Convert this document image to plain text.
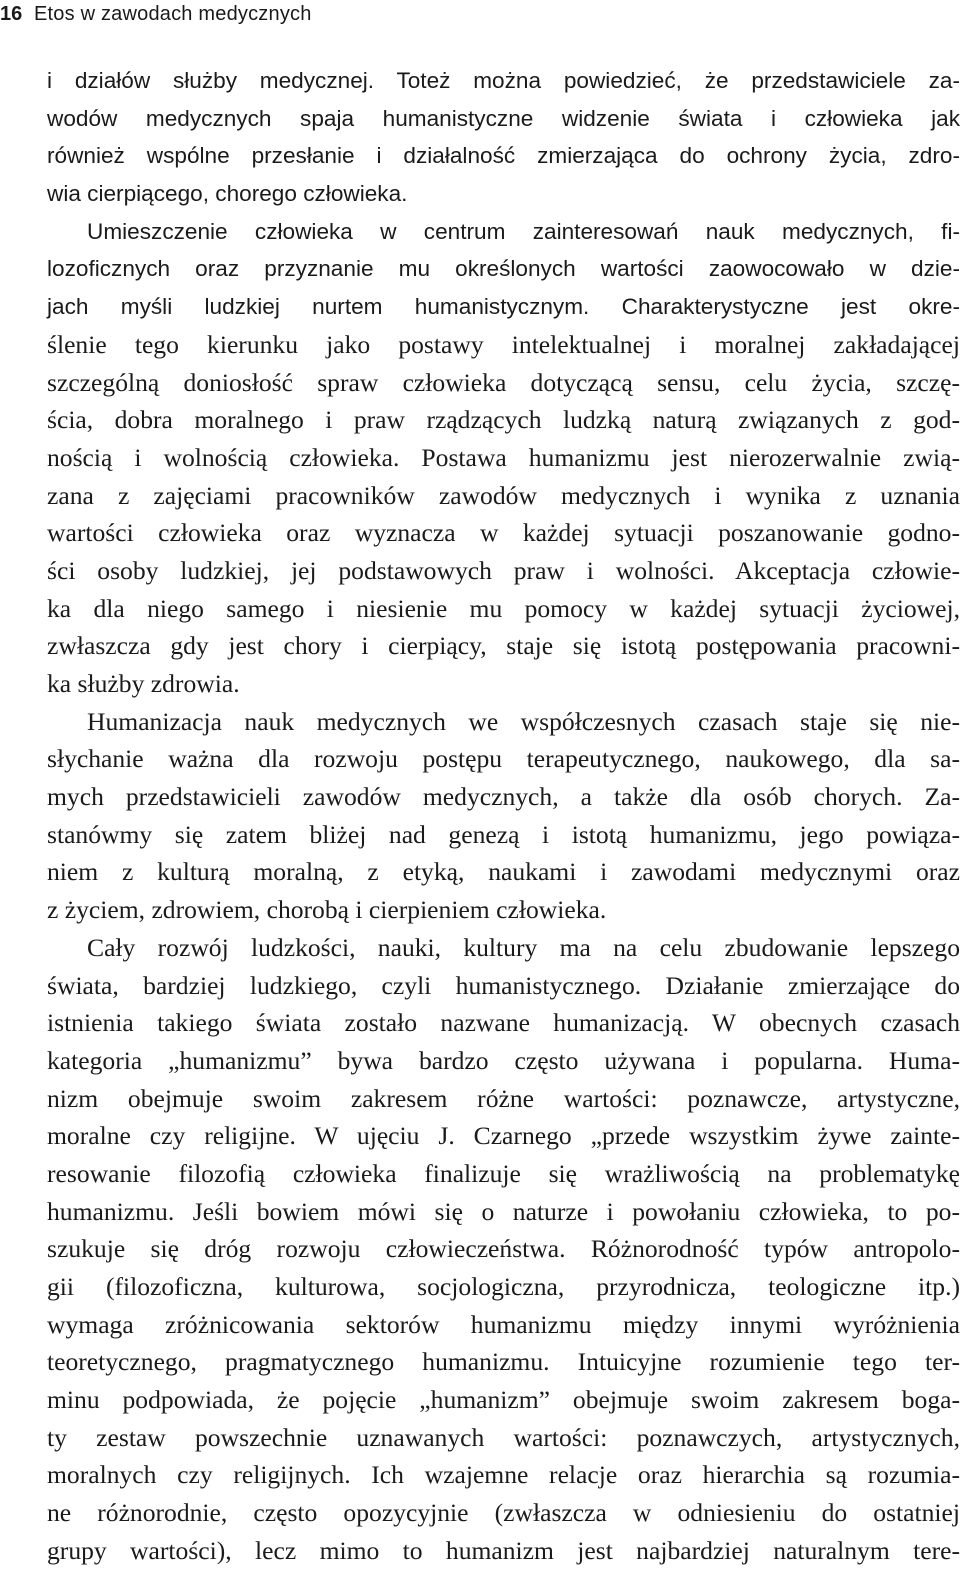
16 Etos w zawodach medycznych
i działów służby medycznej. Toteż można powiedzieć, że przedstawiciele za-
wodów medycznych spaja humanistyczne widzenie świata i człowieka jak
również wspólne przesłanie i działalność zmierzająca do ochrony życia, zdro-
wia cierpiącego, chorego człowieka.
Umieszczenie człowieka w centrum zainteresowań nauk medycznych, fi-
lozoficznych oraz przyznanie mu określonych wartości zaowocowało w dzie-
jach myśli ludzkiej nurtem humanistycznym. Charakterystyczne jest okre-
ślenie tego kierunku jako postawy intelektualnej i moralnej zakładającej
szczególną doniosłość spraw człowieka dotyczącą sensu, celu życia, szczę-
ścia, dobra moralnego i praw rządzących ludzką naturą związanych z god-
nością i wolnością człowieka. Postawa humanizmu jest nierozerwalnie zwią-
zana z zajęciami pracowników zawodów medycznych i wynika z uznania
wartości człowieka oraz wyznacza w każdej sytuacji poszanowanie godno-
ści osoby ludzkiej, jej podstawowych praw i wolności. Akceptacja człowie-
ka dla niego samego i niesienie mu pomocy w każdej sytuacji życiowej,
zwłaszcza gdy jest chory i cierpiący, staje się istotą postępowania pracowni-
ka służby zdrowia.
Humanizacja nauk medycznych we współczesnych czasach staje się nie-
słychanie ważna dla rozwoju postępu terapeutycznego, naukowego, dla sa-
mych przedstawicieli zawodów medycznych, a także dla osób chorych. Za-
stanówmy się zatem bliżej nad genezą i istotą humanizmu, jego powiąza-
niem z kulturą moralną, z etyką, naukami i zawodami medycznymi oraz
z życiem, zdrowiem, chorobą i cierpieniem człowieka.
Cały rozwój ludzkości, nauki, kultury ma na celu zbudowanie lepszego
świata, bardziej ludzkiego, czyli humanistycznego. Działanie zmierzające do
istnienia takiego świata zostało nazwane humanizacją. W obecnych czasach
kategoria „humanizmu” bywa bardzo często używana i popularna. Huma-
nizm obejmuje swoim zakresem różne wartości: poznawcze, artystyczne,
moralne czy religijne. W ujęciu J. Czarnego „przede wszystkim żywe zainte-
resowanie filozofią człowieka finalizuje się wrażliwością na problematykę
humanizmu. Jeśli bowiem mówi się o naturze i powołaniu człowieka, to po-
szukuje się dróg rozwoju człowieczeństwa. Różnorodność typów antropolo-
gii (filozoficzna, kulturowa, socjologiczna, przyrodnicza, teologiczne itp.)
wymaga zróżnicowania sektorów humanizmu między innymi wyróżnienia
teoretycznego, pragmatycznego humanizmu. Intuicyjne rozumienie tego ter-
minu podpowiada, że pojęcie „humanizm” obejmuje swoim zakresem boga-
ty zestaw powszechnie uznawanych wartości: poznawczych, artystycznych,
moralnych czy religijnych. Ich wzajemne relacje oraz hierarchia są rozumia-
ne różnorodnie, często opozycyjnie (zwłaszcza w odniesieniu do ostatniej
grupy wartości), lecz mimo to humanizm jest najbardziej naturalnym tere-
